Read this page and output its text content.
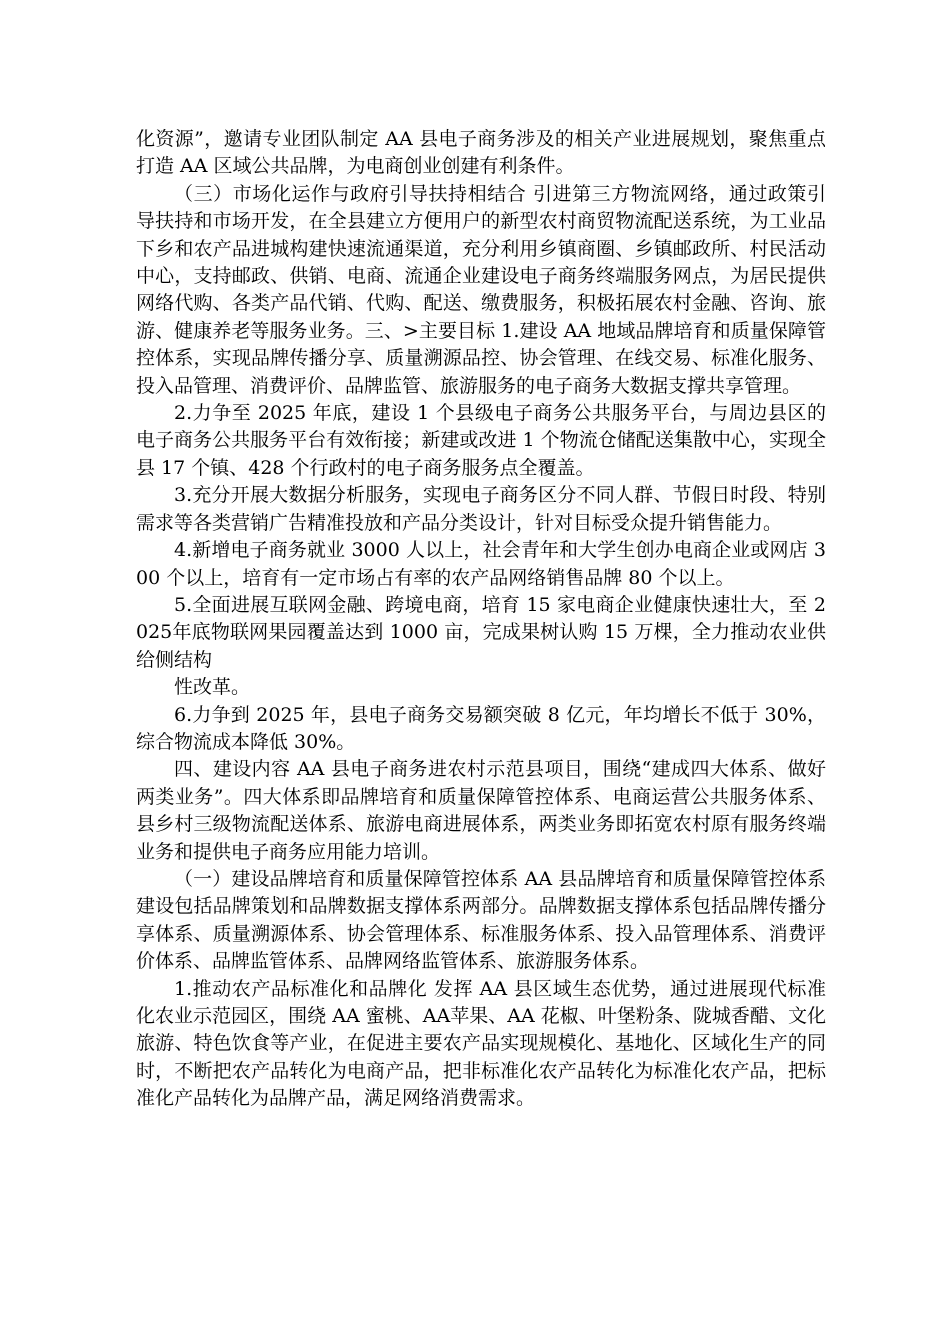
化资源”，邀请专业团队制定 AA 县电子商务涉及的相关产业进展规划，聚焦重点打造 AA 区域公共品牌，为电商创业创建有利条件。

（三）市场化运作与政府引导扶持相结合 引进第三方物流网络，通过政策引导扶持和市场开发，在全县建立方便用户的新型农村商贸物流配送系统，为工业品下乡和农产品进城构建快速流通渠道，充分利用乡镇商圈、乡镇邮政所、村民活动中心，支持邮政、供销、电商、流通企业建设电子商务终端服务网点，为居民提供网络代购、各类产品代销、代购、配送、缴费服务，积极拓展农村金融、咨询、旅游、健康养老等服务业务。三、>主要目标 1.建设 AA 地域品牌培育和质量保障管控体系，实现品牌传播分享、质量溯源品控、协会管理、在线交易、标准化服务、投入品管理、消费评价、品牌监管、旅游服务的电子商务大数据支撑共享管理。

2.力争至 2025 年底，建设 1 个县级电子商务公共服务平台，与周边县区的电子商务公共服务平台有效衔接；新建或改进 1 个物流仓储配送集散中心，实现全县 17 个镇、428 个行政村的电子商务服务点全覆盖。

3.充分开展大数据分析服务，实现电子商务区分不同人群、节假日时段、特别需求等各类营销广告精准投放和产品分类设计，针对目标受众提升销售能力。

4.新增电子商务就业 3000 人以上，社会青年和大学生创办电商企业或网店 300 个以上，培育有一定市场占有率的农产品网络销售品牌 80 个以上。

5.全面进展互联网金融、跨境电商，培育 15 家电商企业健康快速壮大，至 2025年底物联网果园覆盖达到 1000 亩，完成果树认购 15 万棵，全力推动农业供给侧结构

性改革。

6.力争到 2025 年，县电子商务交易额突破 8 亿元，年均增长不低于 30%，综合物流成本降低 30%。

四、建设内容 AA 县电子商务进农村示范县项目，围绕“建成四大体系、做好两类业务”。四大体系即品牌培育和质量保障管控体系、电商运营公共服务体系、县乡村三级物流配送体系、旅游电商进展体系，两类业务即拓宽农村原有服务终端业务和提供电子商务应用能力培训。

（一）建设品牌培育和质量保障管控体系 AA 县品牌培育和质量保障管控体系建设包括品牌策划和品牌数据支撑体系两部分。品牌数据支撑体系包括品牌传播分享体系、质量溯源体系、协会管理体系、标准服务体系、投入品管理体系、消费评价体系、品牌监管体系、品牌网络监管体系、旅游服务体系。

1.推动农产品标准化和品牌化 发挥 AA 县区域生态优势，通过进展现代标准化农业示范园区，围绕 AA 蜜桃、AA苹果、AA 花椒、叶堡粉条、陇城香醋、文化旅游、特色饮食等产业，在促进主要农产品实现规模化、基地化、区域化生产的同时，不断把农产品转化为电商产品，把非标准化农产品转化为标准化农产品，把标准化产品转化为品牌产品，满足网络消费需求。
